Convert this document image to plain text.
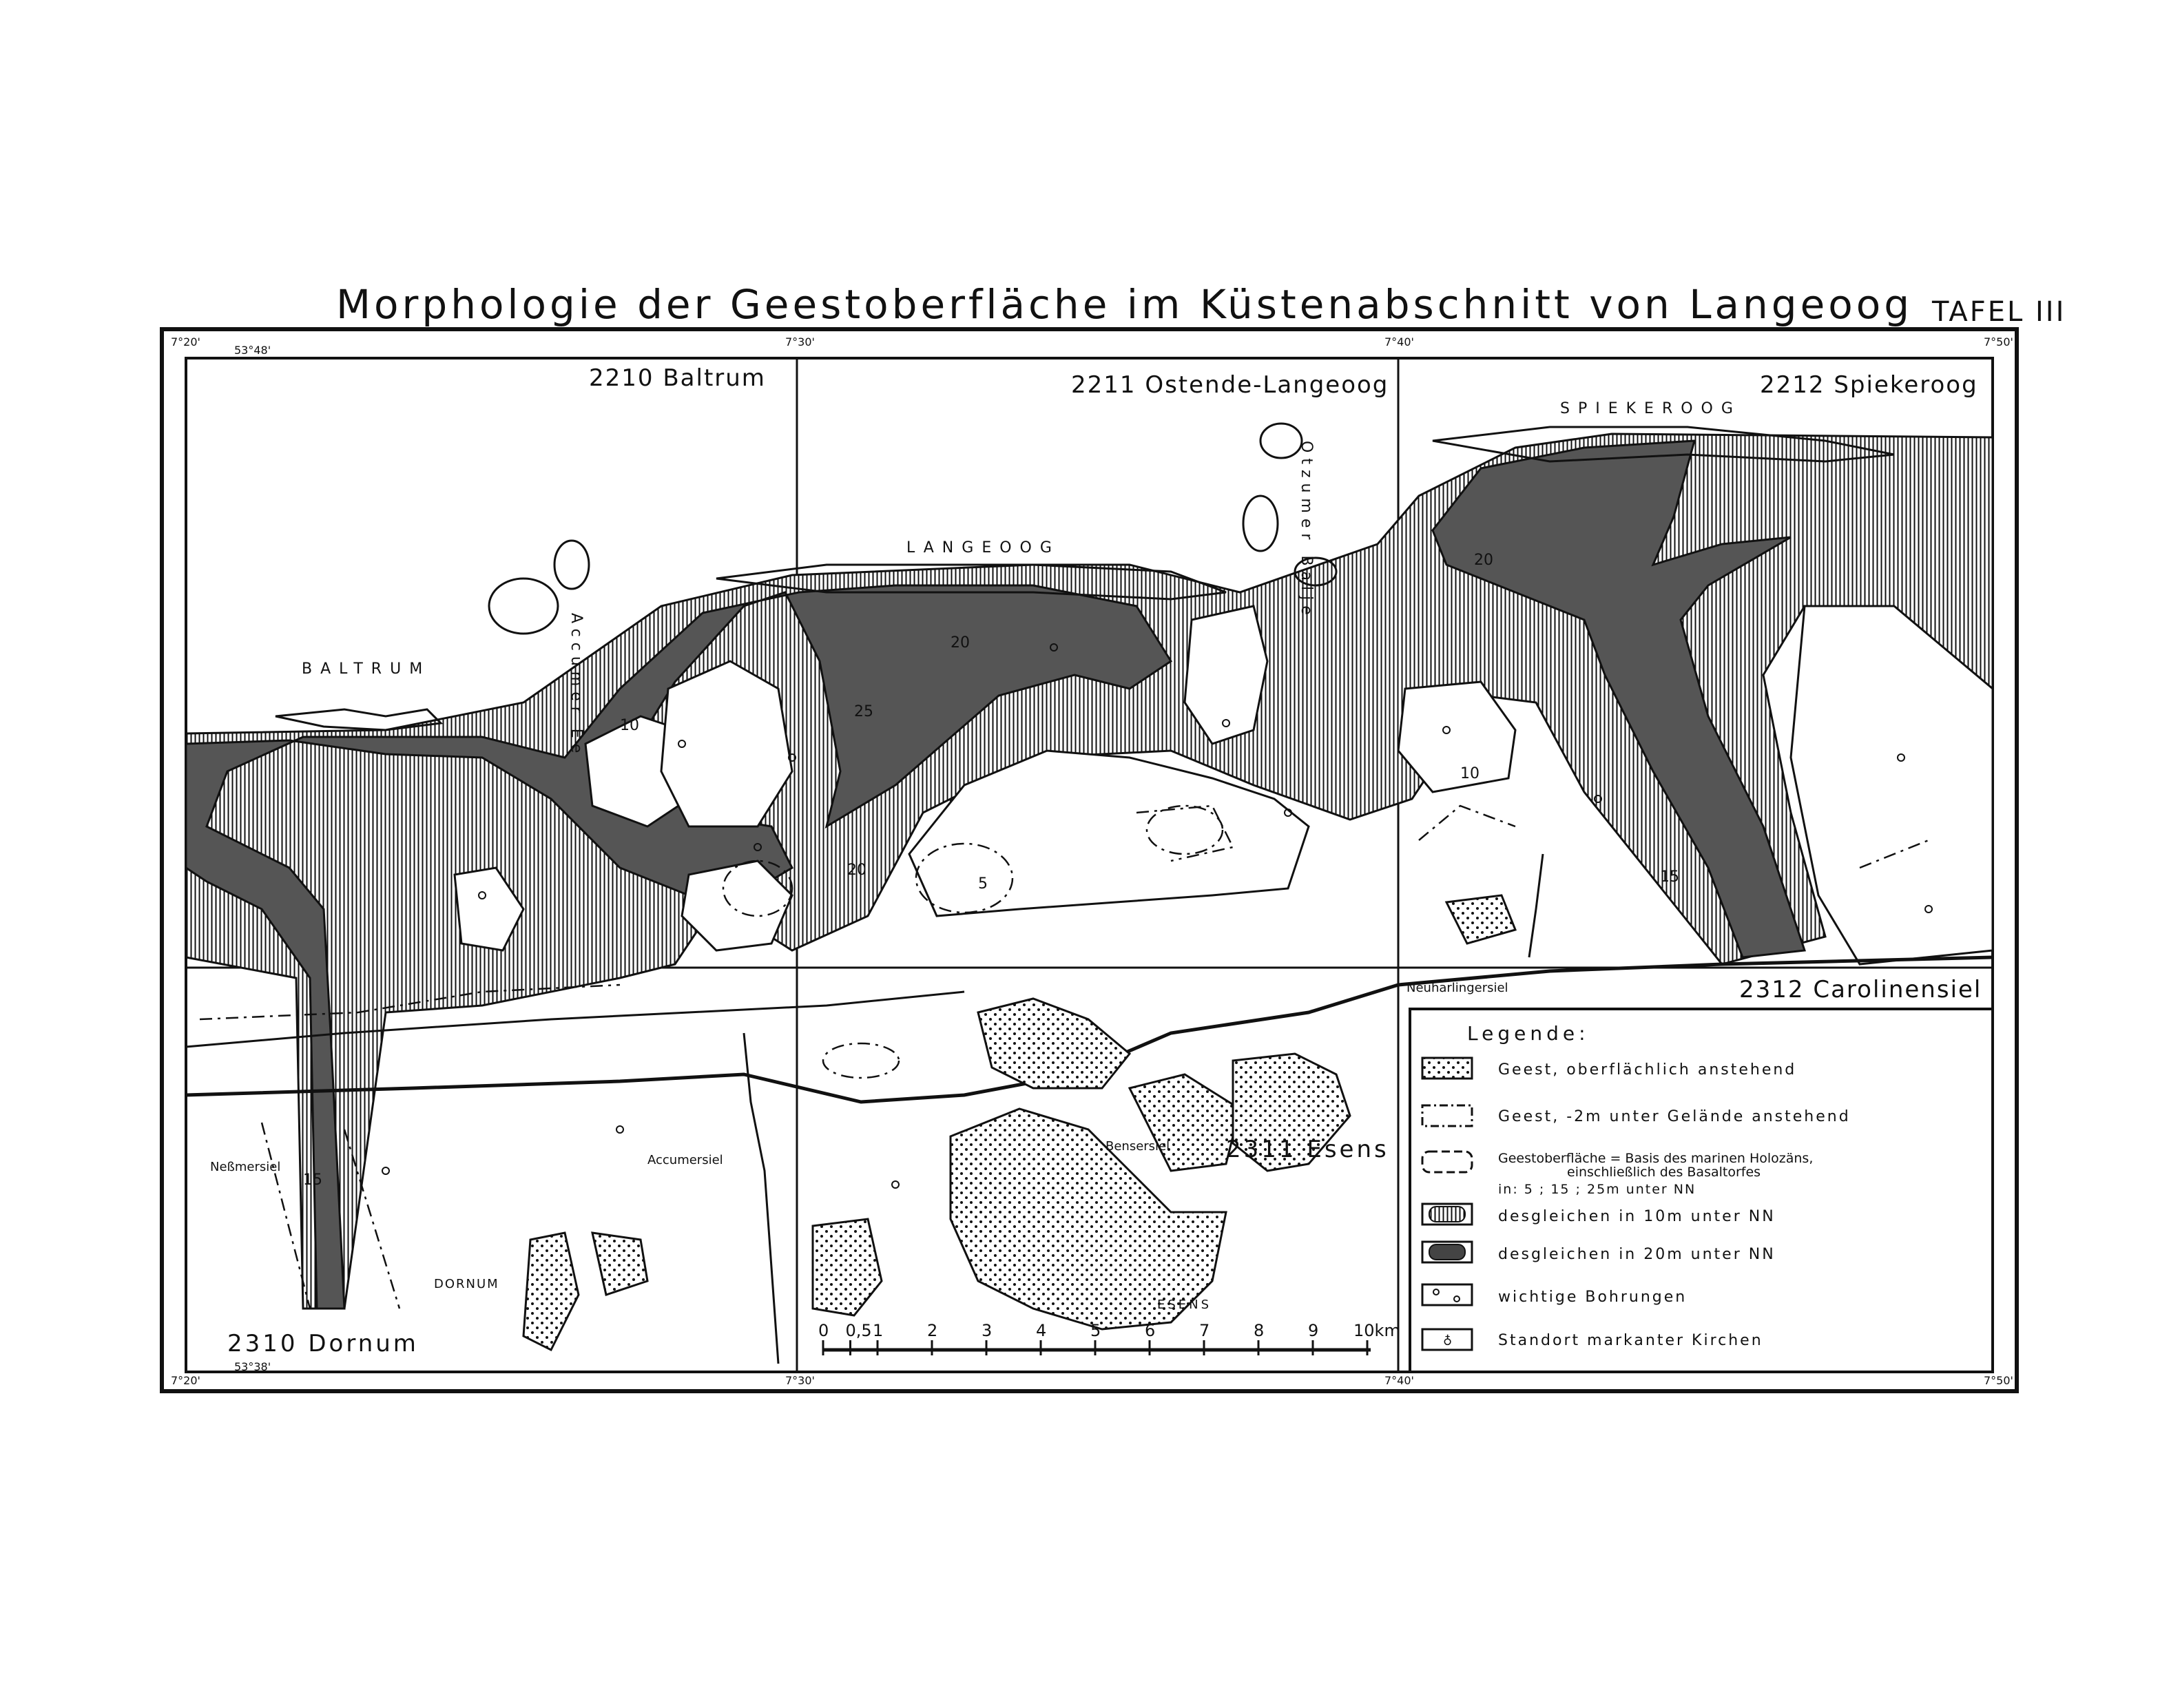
Morphologie der Geestoberfläche im Küstenabschnitt von Langeoog TAFEL III
7°20'
53°48'
7°30'	7°40'	7°50'
7°20'
53°38'
7°30'	7°40'	7°50'
2210 Baltrum	2211 Ostende-Langeoog	2212 Spiekeroog
2310 Dornum
2311 Esens
2312 Carolinensiel
BALTRUM
LANGEOOG
SPIEKEROOG
Accumer Ee
Otzumer Balje
Neßmersiel	Accumersiel
Bensersiel
Neuharlingersiel
DORNUM
ESENS
10
25
20
5
20
10
15
20	15
0 0,5 1	2	3	4	5	6	7	8	9 10km
Legende:
Geest, oberflächlich anstehend
Geest, -2m unter Gelände anstehend
Geestoberfläche = Basis des marinen Holozäns,
einschließlich des Basaltorfes
in: 5 ; 15 ; 25m unter NN
desgleichen in 10m unter NN
desgleichen in 20m unter NN
wichtige Bohrungen
♁	Standort markanter Kirchen
